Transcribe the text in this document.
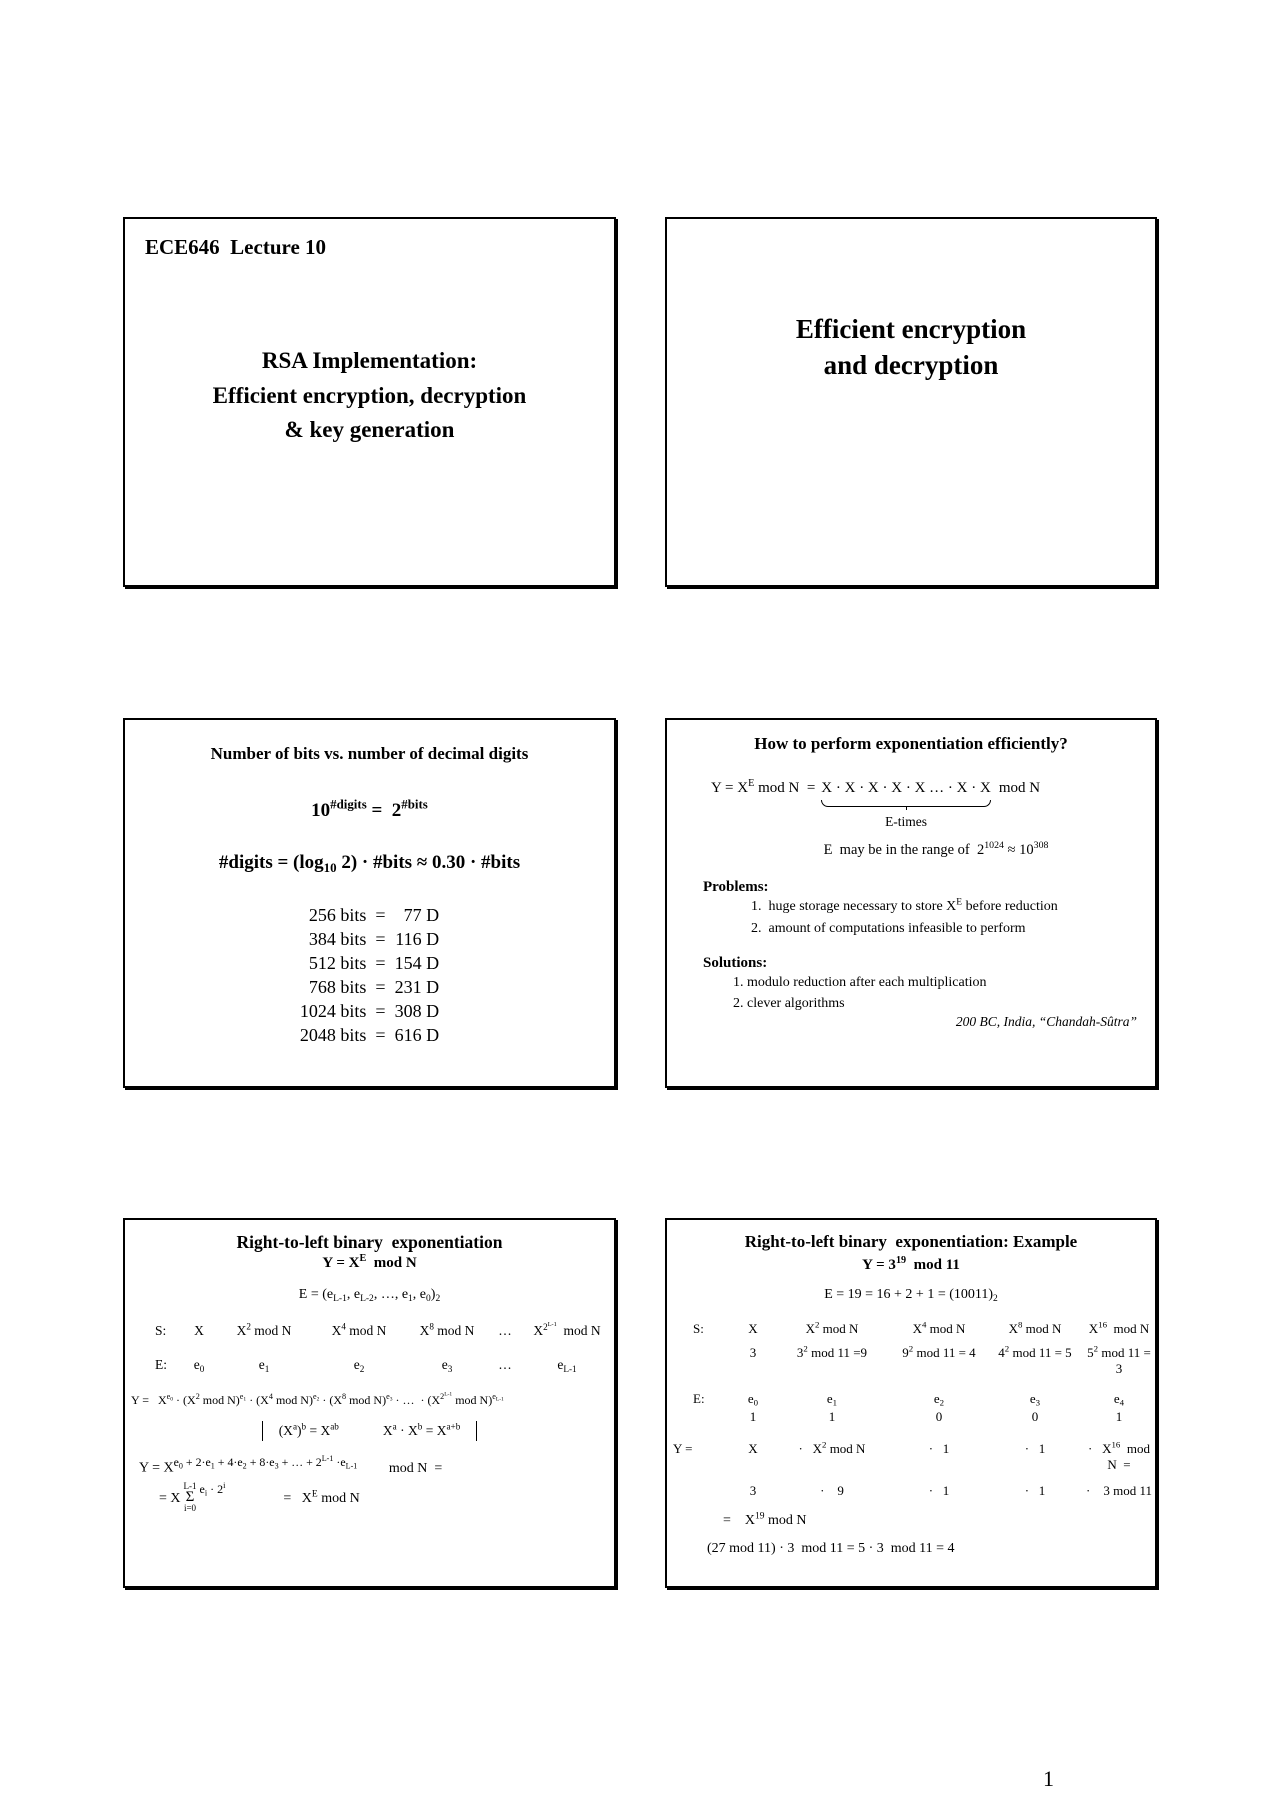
ECE646  Lecture 10
RSA Implementation:
Efficient encryption, decryption
& key generation
Efficient encryption
and decryption
Number of bits vs. number of decimal digits
$10^{\#digits} = 2^{\#bits}$
#digits = ($\log_{10}$ 2) · #bits ≈ 0.30 · #bits
256 bits =	77 D
384 bits = 116 D
512 bits = 154 D
768 bits = 231 D
1024 bits = 308 D
2048 bits = 616 D
How to perform exponentiation efficiently?
$Y = X^E$ mod N  = X · X · X · X · X … · X · X
E-times
mod N
E  may be in the range of  $2^{1024} \approx 10^{308}$
Problems:
1.  huge storage necessary to store $X^E$ before reduction
2.  amount of computations infeasible to perform
Solutions:
1. modulo reduction after each multiplication
2. clever algorithms
200 BC, India, “Chandah-Sûtra”
Right-to-left binary  exponentiation
$Y = X^E$  mod N
$E = (e_{L-1}$, $e_{L-2}$, …, $e_1$, $e_0)_2$
S:	X	$X^2$ mod N	$X^4$ mod N	$X^8$ mod N	…	$X^{2^{L-1}}$  mod N
E:	$e_0$	$e_1$	$e_2$	$e_3$	…	$e_{L-1}$
$Y = X^{e_0} \cdot (X^2$ mod $N)^{e_1} \cdot (X^4$ mod $N)^{e_2} \cdot (X^8$ mod N)$^{e_3}$ · …  · ($X^{2^{L-1}}$ mod N)$^{e_{L-1}}$
$(X^a)^b = X^{ab}$	$X^a \cdot X^b = X^{a+b}$
$Y = X^{e_0 + 2\cdot e_1 + 4\cdot e_2 + 8\cdot e_3 + \dots + 2^{L-1} \cdot e_{L-1}}$ mod N  =
= X
L-1
Σ
i=0
$e_i \cdot 2^i$
=   $X^E$ mod N
Right-to-left binary  exponentiation: Example
$Y = 3^{19}$  mod 11
$E = 19 = 16 + 2 + 1 = (10011)_2$
S:	X	$X^2$ mod N	$X^4$ mod N	$X^8$ mod N	$X^{16}$  mod N
3	$3^2$ mod 11 =9	$9^2$ mod 11 = 4	$4^2$ mod 11 = 5	$5^2$ mod 11 = 3
E:	$e_0$	$e_1$	$e_2$	$e_3$	$e_4$
1	1	0	0	1
Y =	X	·   $X^2$ mod N	·   1	·   1	·   $X^{16}$  mod N  =
3	·    9	·   1	·   1	·    3 mod 11
=    $X^{19}$ mod N
(27 mod 11) · 3  mod 11 = 5 · 3  mod 11 = 4
1
